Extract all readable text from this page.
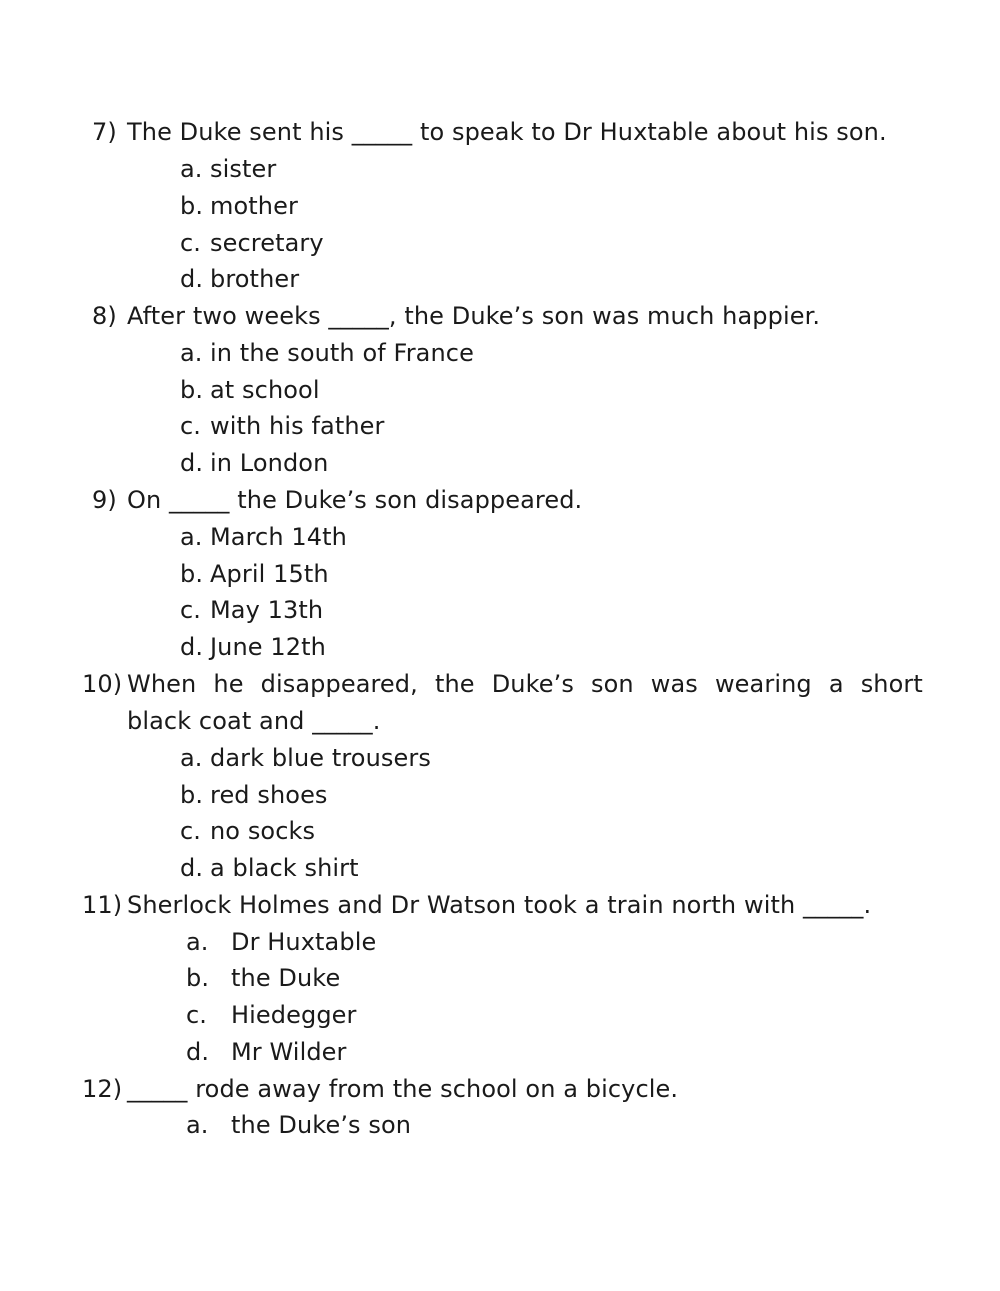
7) The Duke sent his _____ to speak to Dr Huxtable about his son.
a. sister
b. mother
c. secretary
d. brother
8) After two weeks _____, the Duke’s son was much happier.
a. in the south of France
b. at school
c. with his father
d. in London
9) On _____ the Duke’s son disappeared.
a. March 14th
b. April 15th
c. May 13th
d. June 12th
10) When he disappeared, the Duke’s son was wearing a short
black coat and _____.
a. dark blue trousers
b. red shoes
c. no socks
d. a black shirt
11) Sherlock Holmes and Dr Watson took a train north with _____.
a. Dr Huxtable
b. the Duke
c. Hiedegger
d. Mr Wilder
12) _____ rode away from the school on a bicycle.
a. the Duke’s son
